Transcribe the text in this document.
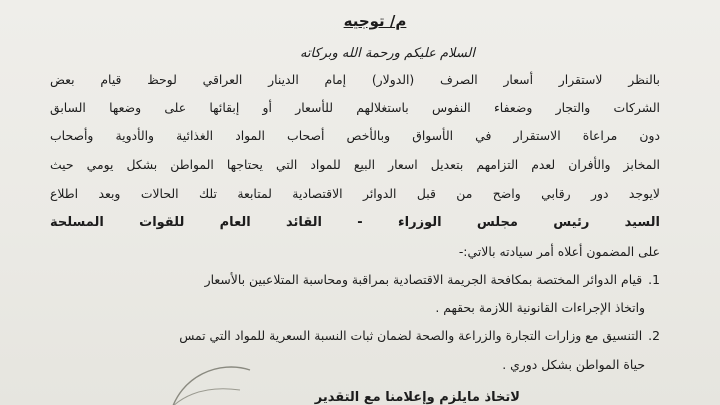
م/ توجيه
السلام عليكم ورحمة الله وبركاته
بالنظر لاستقرار أسعار الصرف (الدولار) إمام الدينار العراقي لوحظ قيام بعض
الشركات والتجار وضعفاء النفوس باستغلالهم للأسعار أو إبقائها على وضعها السابق
دون مراعاة الاستقرار في الأسواق وبالأخص أصحاب المواد الغذائية والأدوية وأصحاب
المخابز والأفران لعدم التزامهم بتعديل اسعار البيع للمواد التي يحتاجها المواطن بشكل يومي حيث
لايوجد دور رقابي واضح من قبل الدوائر الاقتصادية لمتابعة تلك الحالات وبعد اطلاع
السيد رئيس مجلس الوزراء - القائد العام للقوات المسلحة
على المضمون أعلاه أمر سيادته بالاتي:-
1.قيام الدوائر المختصة بمكافحة الجريمة الاقتصادية بمراقبة ومحاسبة المتلاعبين بالأسعار
واتخاذ الإجراءات القانونية اللازمة بحقهم .
2.التنسيق مع وزارات التجارة والزراعة والصحة لضمان ثبات النسبة السعرية للمواد التي تمس
حياة المواطن بشكل دوري .
لاتخاذ مايلزم وإعلامنا مع التقدير
